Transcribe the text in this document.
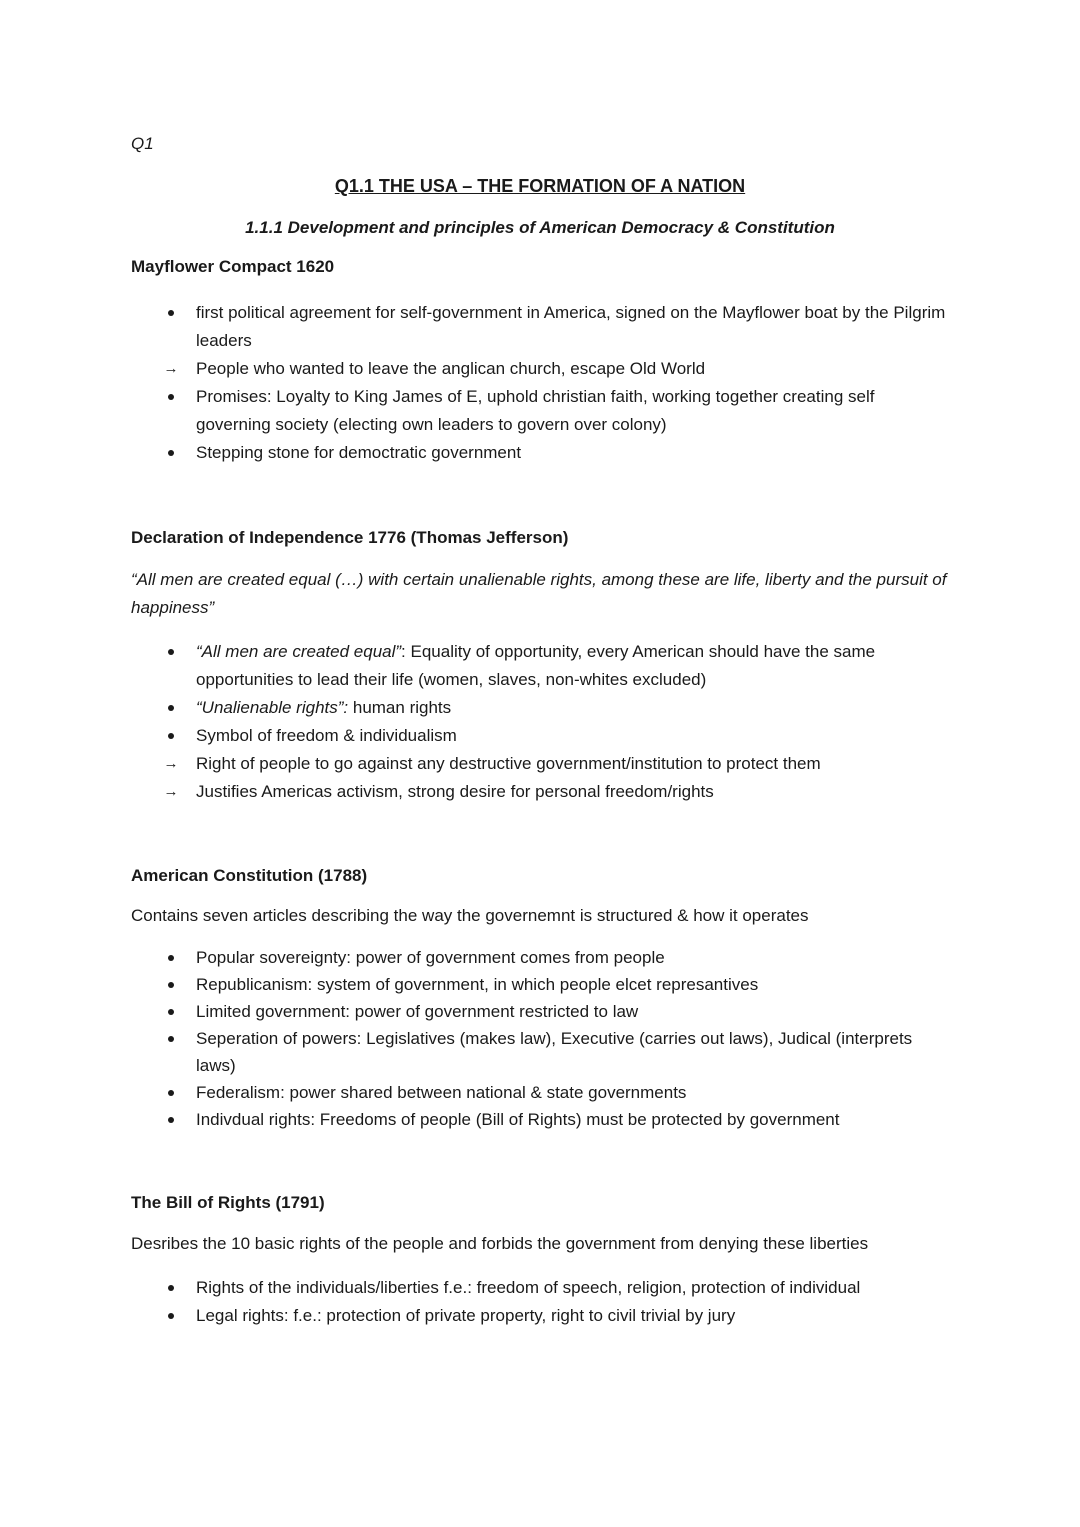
Q1
Q1.1 THE USA – THE FORMATION OF A NATION
1.1.1 Development and principles of American Democracy & Constitution
Mayflower Compact 1620
first political agreement for self-government in America, signed on the Mayflower boat by the Pilgrim leaders
→ People who wanted to leave the anglican church, escape Old World
Promises: Loyalty to King James of E, uphold christian faith, working together creating self governing society (electing own leaders to govern over colony)
Stepping stone for democtratic government
Declaration of Independence 1776 (Thomas Jefferson)

“All men are created equal (…) with certain unalienable rights, among these are life, liberty and the pursuit of happiness”

“All men are created equal”: Equality of opportunity, every American should have the same opportunities to lead their life (women, slaves, non-whites excluded)
“Unalienable rights”: human rights
Symbol of freedom & individualism
→ Right of people to go against any destructive government/institution to protect them
→ Justifies Americas activism, strong desire for personal freedom/rights
American Constitution (1788)

Contains seven articles describing the way the governemnt is structured & how it operates

Popular sovereignty: power of government comes from people
Republicanism: system of government, in which people elcet represantives
Limited government: power of government restricted to law
Seperation of powers: Legislatives (makes law), Executive (carries out laws), Judical (interprets laws)
Federalism: power shared between national & state governments
Indivdual rights: Freedoms of people (Bill of Rights) must be protected by government
The Bill of Rights (1791)

Desribes the 10 basic rights of the people and forbids the government from denying these liberties

Rights of the individuals/liberties f.e.: freedom of speech, religion, protection of individual
Legal rights: f.e.: protection of private property, right to civil trivial by jury
